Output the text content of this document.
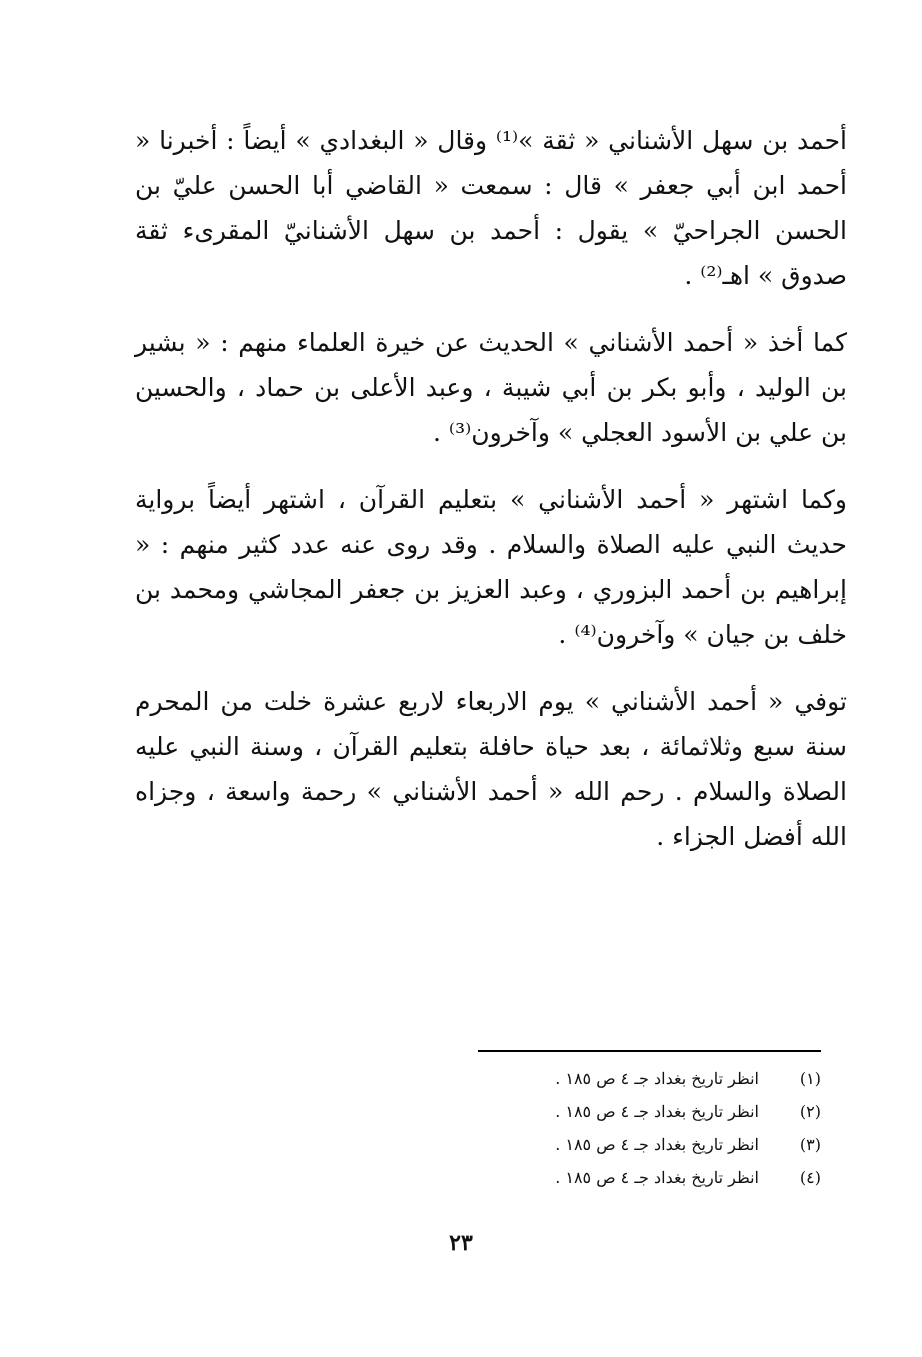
أحمد بن سهل الأشناني « ثقة »⁽¹⁾ وقال « البغدادي » أيضاً : أخبرنا « أحمد ابن أبي جعفر » قال : سمعت « القاضي أبا الحسن عليّ بن الحسن الجراحيّ » يقول : أحمد بن سهل الأشنانيّ المقرىء ثقة صدوق » اهـ⁽²⁾ .

كما أخذ « أحمد الأشناني » الحديث عن خيرة العلماء منهم : « بشير بن الوليد ، وأبو بكر بن أبي شيبة ، وعبد الأعلى بن حماد ، والحسين بن علي بن الأسود العجلي » وآخرون⁽³⁾ .

وكما اشتهر « أحمد الأشناني » بتعليم القرآن ، اشتهر أيضاً برواية حديث النبي عليه الصلاة والسلام . وقد روى عنه عدد كثير منهم : « إبراهيم بن أحمد البزوري ، وعبد العزيز بن جعفر المجاشي ومحمد بن خلف بن جيان » وآخرون⁽⁴⁾ .

توفي « أحمد الأشناني » يوم الاربعاء لاربع عشرة خلت من المحرم سنة سبع وثلاثمائة ، بعد حياة حافلة بتعليم القرآن ، وسنة النبي عليه الصلاة والسلام . رحم الله « أحمد الأشناني » رحمة واسعة ، وجزاه الله أفضل الجزاء .

(١)
انظر تاريخ بغداد جـ ٤ ص ١٨٥ .
(٢)
انظر تاريخ بغداد جـ ٤ ص ١٨٥ .
(٣)
انظر تاريخ بغداد جـ ٤ ص ١٨٥ .
(٤)
انظر تاريخ بغداد جـ ٤ ص ١٨٥ .
٢٣
